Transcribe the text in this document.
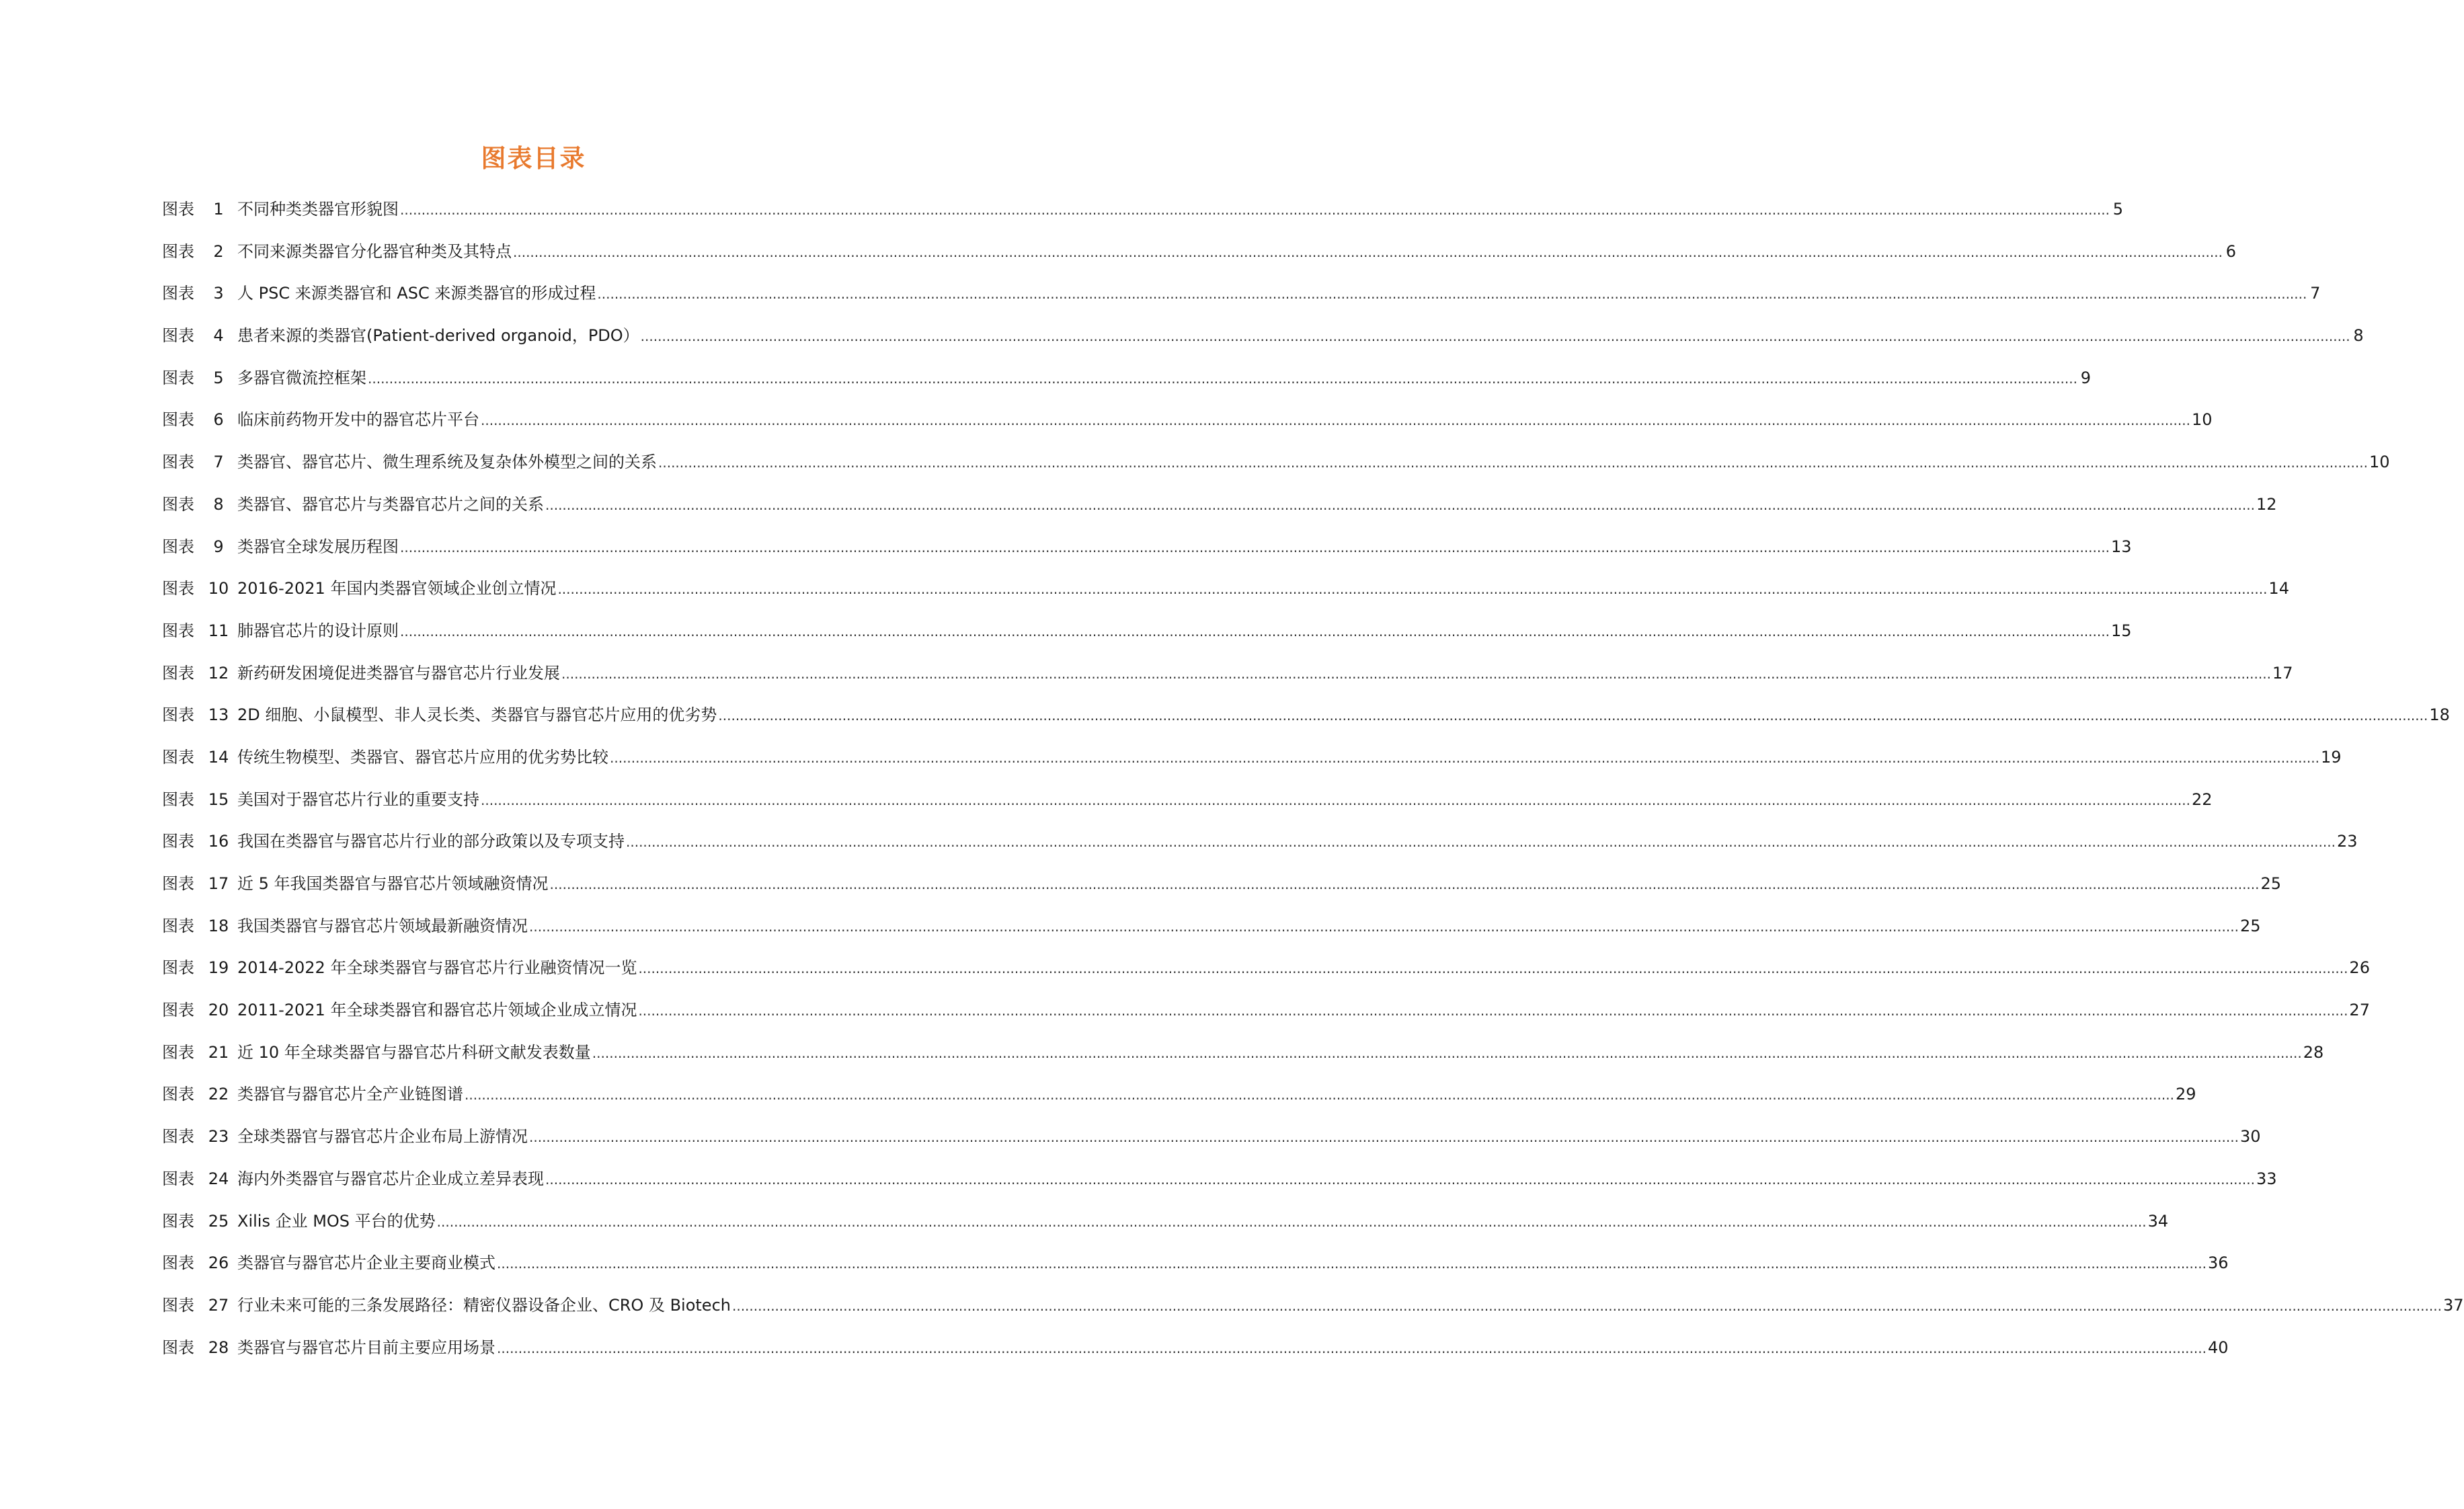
图表目录
图表	1 不同种类类器官形貌图 ................................................................................................................................................................................................................................................................................................................................................................................................................ 5
图表	2 不同来源类器官分化器官种类及其特点 ................................................................................................................................................................................................................................................................................................................................................................................................................ 6
图表	3 人 PSC 来源类器官和 ASC 来源类器官的形成过程 ................................................................................................................................................................................................................................................................................................................................................................................................................ 7
图表	4 患者来源的类器官(Patient-derived organoid，PDO） ................................................................................................................................................................................................................................................................................................................................................................................................................ 8
图表	5 多器官微流控框架 ................................................................................................................................................................................................................................................................................................................................................................................................................ 9
图表	6 临床前药物开发中的器官芯片平台 ................................................................................................................................................................................................................................................................................................................................................................................................................ 10
图表	7 类器官、器官芯片、微生理系统及复杂体外模型之间的关系 ................................................................................................................................................................................................................................................................................................................................................................................................................ 10
图表	8 类器官、器官芯片与类器官芯片之间的关系 ................................................................................................................................................................................................................................................................................................................................................................................................................ 12
图表	9 类器官全球发展历程图 ................................................................................................................................................................................................................................................................................................................................................................................................................ 13
图表 10 2016-2021 年国内类器官领域企业创立情况 ................................................................................................................................................................................................................................................................................................................................................................................................................ 14
图表 11 肺器官芯片的设计原则 ................................................................................................................................................................................................................................................................................................................................................................................................................ 15
图表 12 新药研发困境促进类器官与器官芯片行业发展 ................................................................................................................................................................................................................................................................................................................................................................................................................ 17
图表 13 2D 细胞、小鼠模型、非人灵长类、类器官与器官芯片应用的优劣势 ................................................................................................................................................................................................................................................................................................................................................................................................................ 18
图表 14 传统生物模型、类器官、器官芯片应用的优劣势比较 ................................................................................................................................................................................................................................................................................................................................................................................................................ 19
图表 15 美国对于器官芯片行业的重要支持 ................................................................................................................................................................................................................................................................................................................................................................................................................ 22
图表 16 我国在类器官与器官芯片行业的部分政策以及专项支持 ................................................................................................................................................................................................................................................................................................................................................................................................................ 23
图表 17 近 5 年我国类器官与器官芯片领域融资情况 ................................................................................................................................................................................................................................................................................................................................................................................................................ 25
图表 18 我国类器官与器官芯片领域最新融资情况 ................................................................................................................................................................................................................................................................................................................................................................................................................ 25
图表 19 2014-2022 年全球类器官与器官芯片行业融资情况一览 ................................................................................................................................................................................................................................................................................................................................................................................................................ 26
图表 20 2011-2021 年全球类器官和器官芯片领域企业成立情况 ................................................................................................................................................................................................................................................................................................................................................................................................................ 27
图表 21 近 10 年全球类器官与器官芯片科研文献发表数量 ................................................................................................................................................................................................................................................................................................................................................................................................................ 28
图表 22 类器官与器官芯片全产业链图谱 ................................................................................................................................................................................................................................................................................................................................................................................................................ 29
图表 23 全球类器官与器官芯片企业布局上游情况 ................................................................................................................................................................................................................................................................................................................................................................................................................ 30
图表 24 海内外类器官与器官芯片企业成立差异表现 ................................................................................................................................................................................................................................................................................................................................................................................................................ 33
图表 25 Xilis 企业 MOS 平台的优势 ................................................................................................................................................................................................................................................................................................................................................................................................................ 34
图表 26 类器官与器官芯片企业主要商业模式 ................................................................................................................................................................................................................................................................................................................................................................................................................ 36
图表 27 行业未来可能的三条发展路径：精密仪器设备企业、CRO 及 Biotech ................................................................................................................................................................................................................................................................................................................................................................................................................ 37
图表 28 类器官与器官芯片目前主要应用场景 ................................................................................................................................................................................................................................................................................................................................................................................................................ 40
